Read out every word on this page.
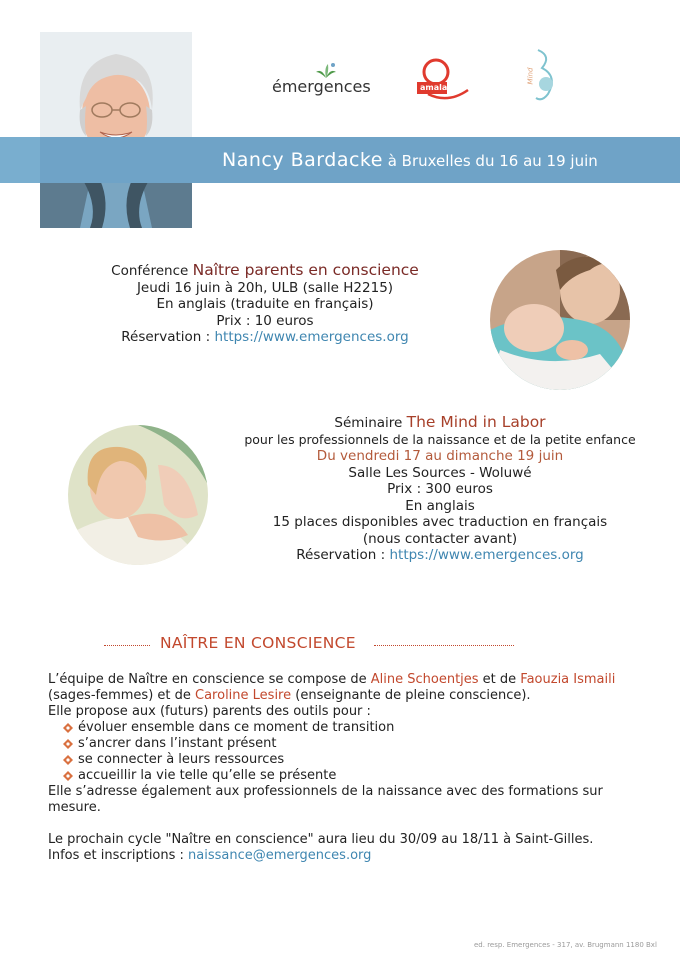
émergences	amala
Mind
Nancy Bardacke à Bruxelles du 16 au 19 juin
Conférence Naître parents en conscience
Jeudi 16 juin à 20h, ULB (salle H2215)
En anglais (traduite en français)
Prix : 10 euros
Réservation : https://www.emergences.org
Séminaire The Mind in Labor
pour les professionnels de la naissance et de la petite enfance
Du vendredi 17 au dimanche 19 juin
Salle Les Sources - Woluwé
Prix : 300 euros
En anglais
15 places disponibles avec traduction en français
(nous contacter avant)
Réservation : https://www.emergences.org
NAÎTRE EN CONSCIENCE

L’équipe de Naître en conscience se compose de Aline Schoentjes et de Faouzia Ismaili

(sages-femmes) et de Caroline Lesire (enseignante de pleine conscience).

Elle propose aux (futurs) parents des outils pour :

évoluer ensemble dans ce moment de transition
s’ancrer dans l’instant présent
se connecter à leurs ressources
accueillir la vie telle qu’elle se présente

Elle s’adresse également aux professionnels de la naissance avec des formations sur mesure.

Le prochain cycle "Naître en conscience" aura lieu du 30/09 au 18/11 à Saint-Gilles.

Infos et inscriptions : naissance@emergences.org

ed. resp. Emergences - 317, av. Brugmann 1180 Bxl
